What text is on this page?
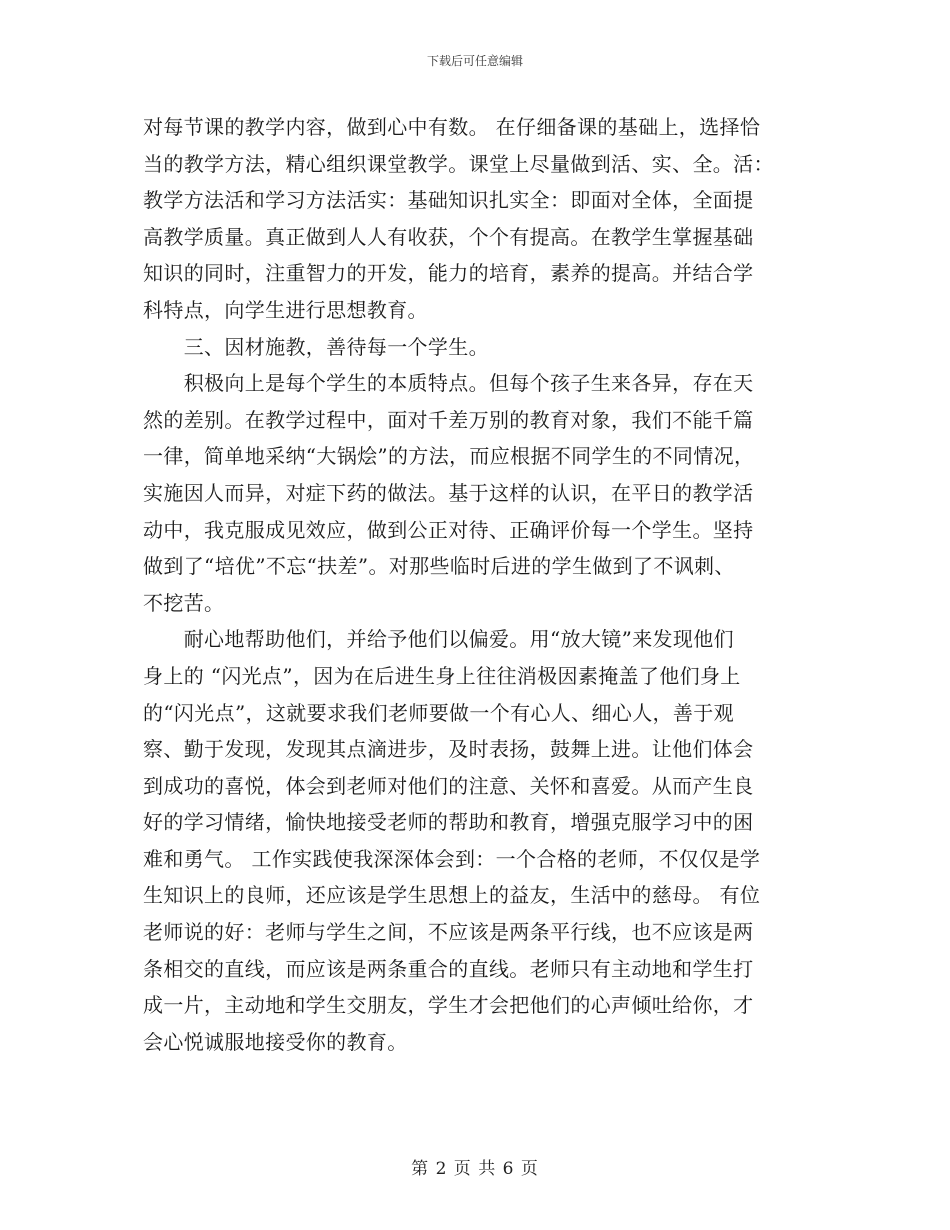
下载后可任意编辑
对每节课的教学内容，做到心中有数。 在仔细备课的基础上，选择恰
当的教学方法，精心组织课堂教学。课堂上尽量做到活、实、全。活：
教学方法活和学习方法活实：基础知识扎实全：即面对全体，全面提
高教学质量。真正做到人人有收获，个个有提高。在教学生掌握基础
知识的同时，注重智力的开发，能力的培育，素养的提高。并结合学
科特点，向学生进行思想教育。
　　三、因材施教，善待每一个学生。
　　积极向上是每个学生的本质特点。但每个孩子生来各异，存在天
然的差别。在教学过程中，面对千差万别的教育对象，我们不能千篇
一律，简单地采纳“大锅烩”的方法，而应根据不同学生的不同情况，
实施因人而异，对症下药的做法。基于这样的认识，在平日的教学活
动中，我克服成见效应，做到公正对待、正确评价每一个学生。坚持
做到了“培优”不忘“扶差”。对那些临时后进的学生做到了不讽刺、
不挖苦。
　　耐心地帮助他们，并给予他们以偏爱。用“放大镜”来发现他们
身上的 “闪光点”，因为在后进生身上往往消极因素掩盖了他们身上
的“闪光点”，这就要求我们老师要做一个有心人、细心人，善于观
察、勤于发现，发现其点滴进步，及时表扬，鼓舞上进。让他们体会
到成功的喜悦，体会到老师对他们的注意、关怀和喜爱。从而产生良
好的学习情绪，愉快地接受老师的帮助和教育，增强克服学习中的困
难和勇气。 工作实践使我深深体会到：一个合格的老师，不仅仅是学
生知识上的良师，还应该是学生思想上的益友，生活中的慈母。 有位
老师说的好：老师与学生之间，不应该是两条平行线，也不应该是两
条相交的直线，而应该是两条重合的直线。老师只有主动地和学生打
成一片，主动地和学生交朋友，学生才会把他们的心声倾吐给你，才
会心悦诚服地接受你的教育。
第 2 页 共 6 页
